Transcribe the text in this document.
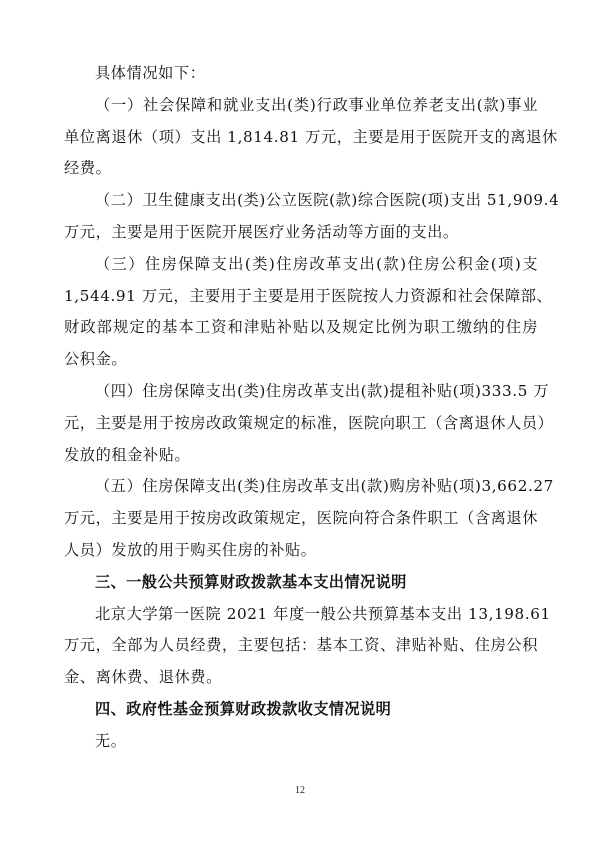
具体情况如下：
（一）社会保障和就业支出(类)行政事业单位养老支出(款)事业
单位离退休（项）支出 1,814.81 万元，主要是用于医院开支的离退休
经费。
（二）卫生健康支出(类)公立医院(款)综合医院(项)支出 51,909.4
万元，主要是用于医院开展医疗业务活动等方面的支出。
（三）住房保障支出(类)住房改革支出(款)住房公积金(项)支
1,544.91 万元，主要用于主要是用于医院按人力资源和社会保障部、
财政部规定的基本工资和津贴补贴以及规定比例为职工缴纳的住房
公积金。
（四）住房保障支出(类)住房改革支出(款)提租补贴(项)333.5 万
元，主要是用于按房改政策规定的标准，医院向职工（含离退休人员）
发放的租金补贴。
（五）住房保障支出(类)住房改革支出(款)购房补贴(项)3,662.27
万元，主要是用于按房改政策规定，医院向符合条件职工（含离退休
人员）发放的用于购买住房的补贴。
三、一般公共预算财政拨款基本支出情况说明
北京大学第一医院 2021 年度一般公共预算基本支出 13,198.61
万元，全部为人员经费，主要包括：基本工资、津贴补贴、住房公积
金、离休费、退休费。
四、政府性基金预算财政拨款收支情况说明
无。
12
